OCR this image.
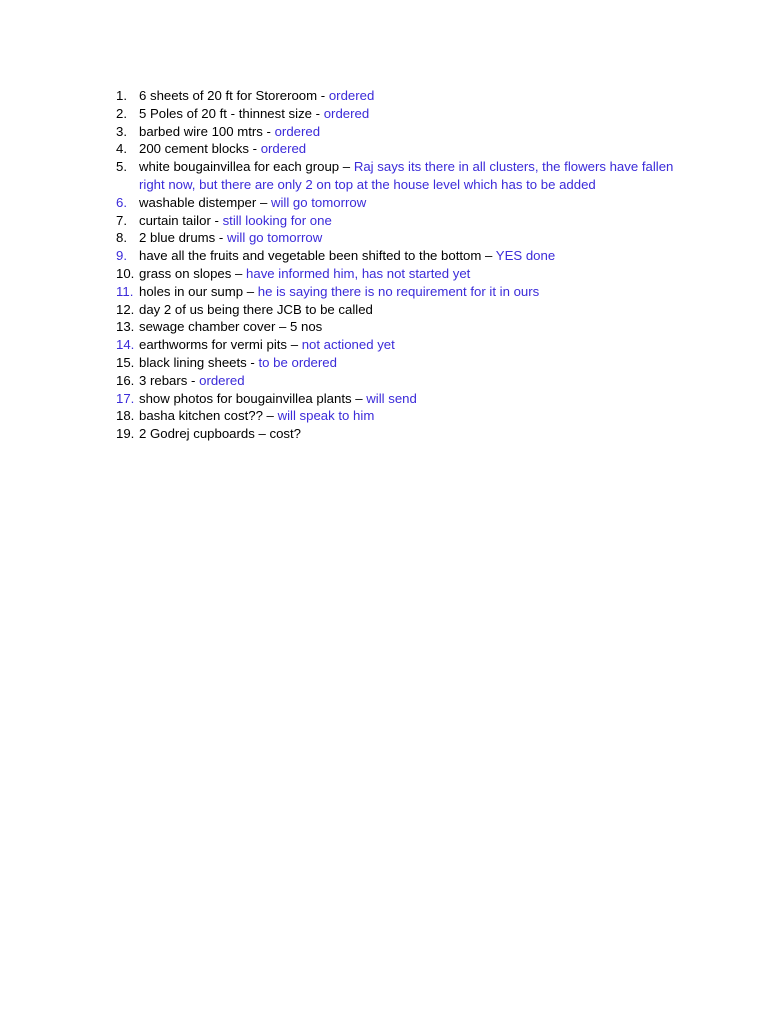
1. 6 sheets of 20 ft for Storeroom - ordered
2. 5 Poles of 20 ft - thinnest size - ordered
3. barbed wire 100 mtrs - ordered
4. 200 cement blocks - ordered
5. white bougainvillea for each group – Raj says its there in all clusters, the flowers have fallen right now, but there are only 2 on top at the house level which has to be added
6. washable distemper – will go tomorrow
7. curtain tailor - still looking for one
8. 2 blue drums - will go tomorrow
9. have all the fruits and vegetable been shifted to the bottom – YES done
10. grass on slopes – have informed him, has not started yet
11. holes in our sump – he is saying there is no requirement for it in ours
12. day 2 of us being there JCB to be called
13. sewage chamber cover – 5 nos
14. earthworms for vermi pits – not actioned yet
15. black lining sheets - to be ordered
16. 3 rebars - ordered
17. show photos for bougainvillea plants – will send
18. basha kitchen cost?? – will speak to him
19. 2 Godrej cupboards – cost?
